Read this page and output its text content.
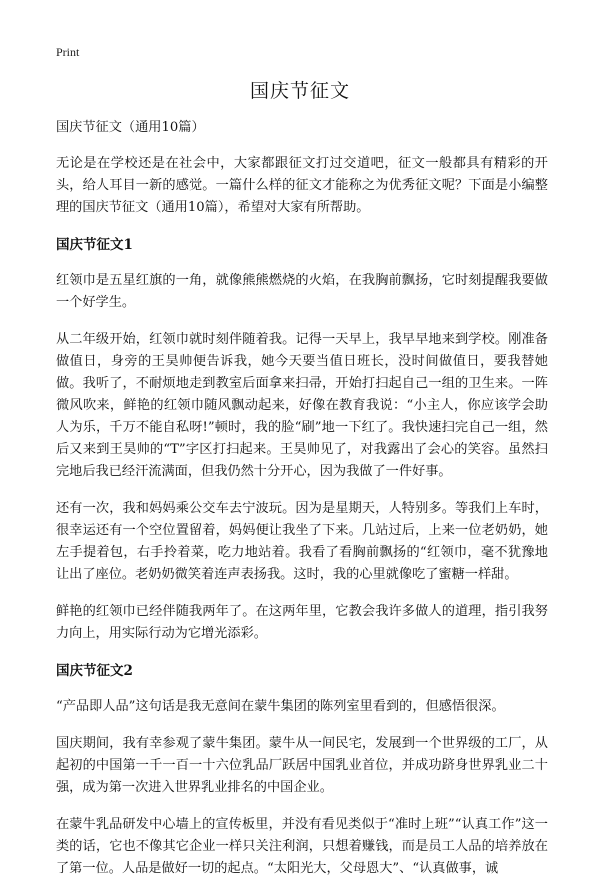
Print
国庆节征文

国庆节征文（通用10篇）

无论是在学校还是在社会中，大家都跟征文打过交道吧，征文一般都具有精彩的开头，给人耳目一新的感觉。一篇什么样的征文才能称之为优秀征文呢？下面是小编整理的国庆节征文（通用10篇），希望对大家有所帮助。

国庆节征文1

红领巾是五星红旗的一角，就像熊熊燃烧的火焰，在我胸前飘扬，它时刻提醒我要做一个好学生。

从二年级开始，红领巾就时刻伴随着我。记得一天早上，我早早地来到学校。刚准备做值日，身旁的王昊帅便告诉我，她今天要当值日班长，没时间做值日，要我替她做。我听了，不耐烦地走到教室后面拿来扫帚，开始打扫起自己一组的卫生来。一阵微风吹来，鲜艳的红领巾随风飘动起来，好像在教育我说：“小主人，你应该学会助人为乐，千万不能自私呀!”顿时，我的脸“刷”地一下红了。我快速扫完自己一组，然后又来到王昊帅的“T”字区打扫起来。王昊帅见了，对我露出了会心的笑容。虽然扫完地后我已经汗流满面，但我仍然十分开心，因为我做了一件好事。

还有一次，我和妈妈乘公交车去宁波玩。因为是星期天，人特别多。等我们上车时，很幸运还有一个空位置留着，妈妈便让我坐了下来。几站过后，上来一位老奶奶，她左手提着包，右手拎着菜，吃力地站着。我看了看胸前飘扬的“红领巾，毫不犹豫地让出了座位。老奶奶微笑着连声表扬我。这时，我的心里就像吃了蜜糖一样甜。

鲜艳的红领巾已经伴随我两年了。在这两年里，它教会我许多做人的道理，指引我努力向上，用实际行动为它增光添彩。

国庆节征文2

“产品即人品”这句话是我无意间在蒙牛集团的陈列室里看到的，但感悟很深。

国庆期间，我有幸参观了蒙牛集团。蒙牛从一间民宅，发展到一个世界级的工厂，从起初的中国第一千一百一十六位乳品厂跃居中国乳业首位，并成功跻身世界乳业二十强，成为第一次进入世界乳业排名的中国企业。

在蒙牛乳品研发中心墙上的宣传板里，并没有看见类似于“准时上班”“认真工作”这一类的话，它也不像其它企业一样只关注利润，只想着赚钱，而是员工人品的培养放在了第一位。人品是做好一切的起点。“太阳光大，父母恩大”、“认真做事，诚
